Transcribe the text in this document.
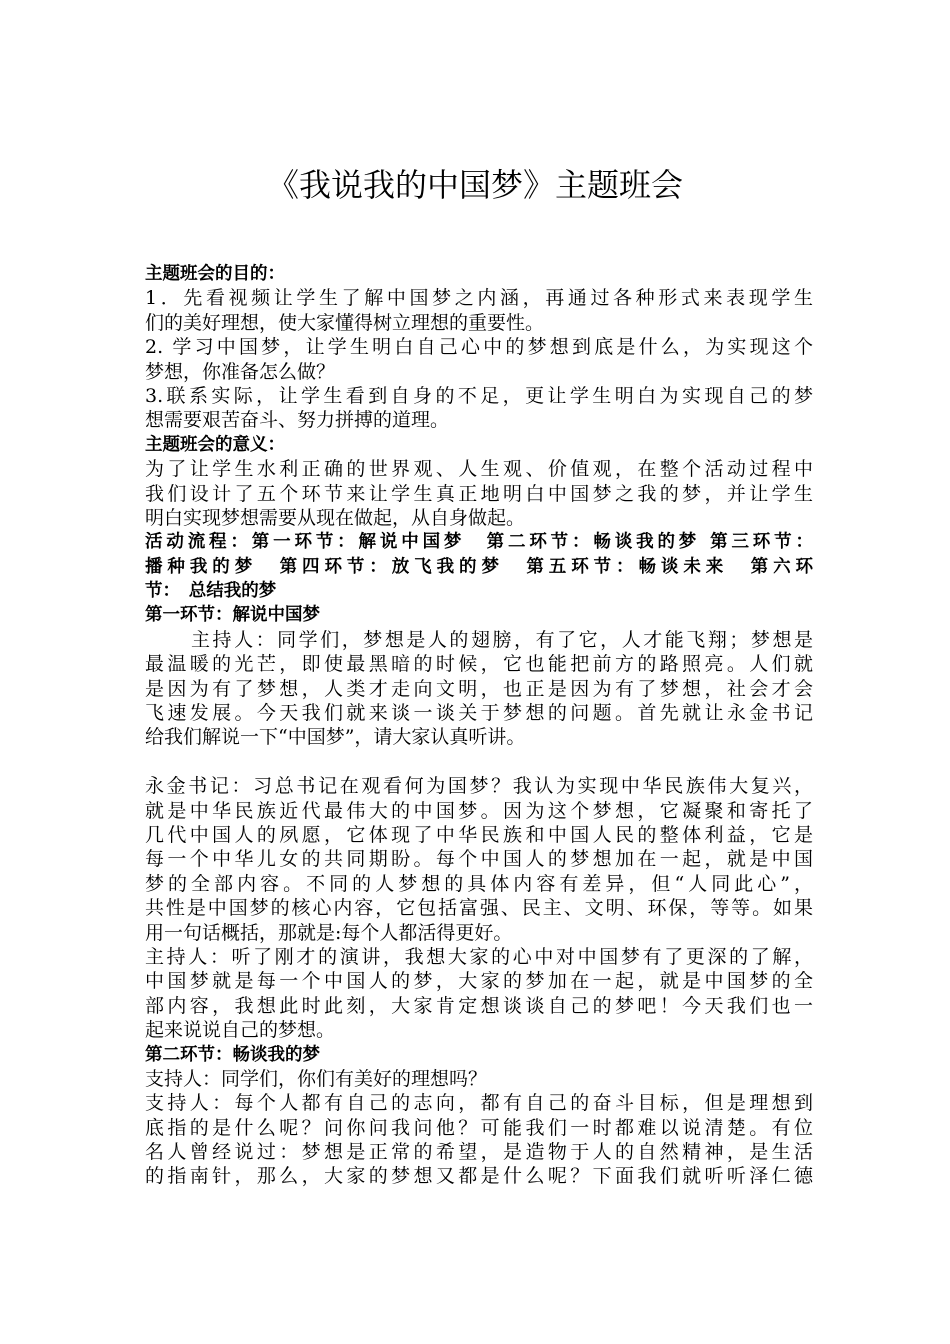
《我说我的中国梦》主题班会
主题班会的目的：
1．先看视频让学生了解中国梦之内涵，再通过各种形式来表现学生
们的美好理想，使大家懂得树立理想的重要性。
2. 学习中国梦，让学生明白自己心中的梦想到底是什么，为实现这个
梦想，你准备怎么做？
3.联系实际，让学生看到自身的不足，更让学生明白为实现自己的梦
想需要艰苦奋斗、努力拼搏的道理。
主题班会的意义：
为了让学生水利正确的世界观、人生观、价值观，在整个活动过程中
我们设计了五个环节来让学生真正地明白中国梦之我的梦，并让学生
明白实现梦想需要从现在做起，从自身做起。
活动流程：第一环节：解说中国梦　第二环节：畅谈我的梦 第三环节：
播种我的梦　第四环节：放飞我的梦　第五环节：畅谈未来　第六环
节：　总结我的梦
第一环节：解说中国梦
主持人：同学们，梦想是人的翅膀，有了它，人才能飞翔；梦想是
最温暖的光芒，即使最黑暗的时候，它也能把前方的路照亮。人们就
是因为有了梦想，人类才走向文明，也正是因为有了梦想，社会才会
飞速发展。今天我们就来谈一谈关于梦想的问题。首先就让永金书记
给我们解说一下“中国梦”，请大家认真听讲。
永金书记：习总书记在观看何为国梦？我认为实现中华民族伟大复兴，
就是中华民族近代最伟大的中国梦。因为这个梦想，它凝聚和寄托了
几代中国人的夙愿，它体现了中华民族和中国人民的整体利益，它是
每一个中华儿女的共同期盼。每个中国人的梦想加在一起，就是中国
梦的全部内容。不同的人梦想的具体内容有差异，但“人同此心”，
共性是中国梦的核心内容，它包括富强、民主、文明、环保，等等。如果
用一句话概括，那就是:每个人都活得更好。
主持人：听了刚才的演讲，我想大家的心中对中国梦有了更深的了解，
中国梦就是每一个中国人的梦，大家的梦加在一起，就是中国梦的全
部内容，我想此时此刻，大家肯定想谈谈自己的梦吧！今天我们也一
起来说说自己的梦想。
第二环节：畅谈我的梦
支持人：同学们，你们有美好的理想吗？
支持人：每个人都有自己的志向，都有自己的奋斗目标，但是理想到
底指的是什么呢？问你问我问他？可能我们一时都难以说清楚。有位
名人曾经说过：梦想是正常的希望，是造物于人的自然精神，是生活
的指南针，那么，大家的梦想又都是什么呢？下面我们就听听泽仁德
